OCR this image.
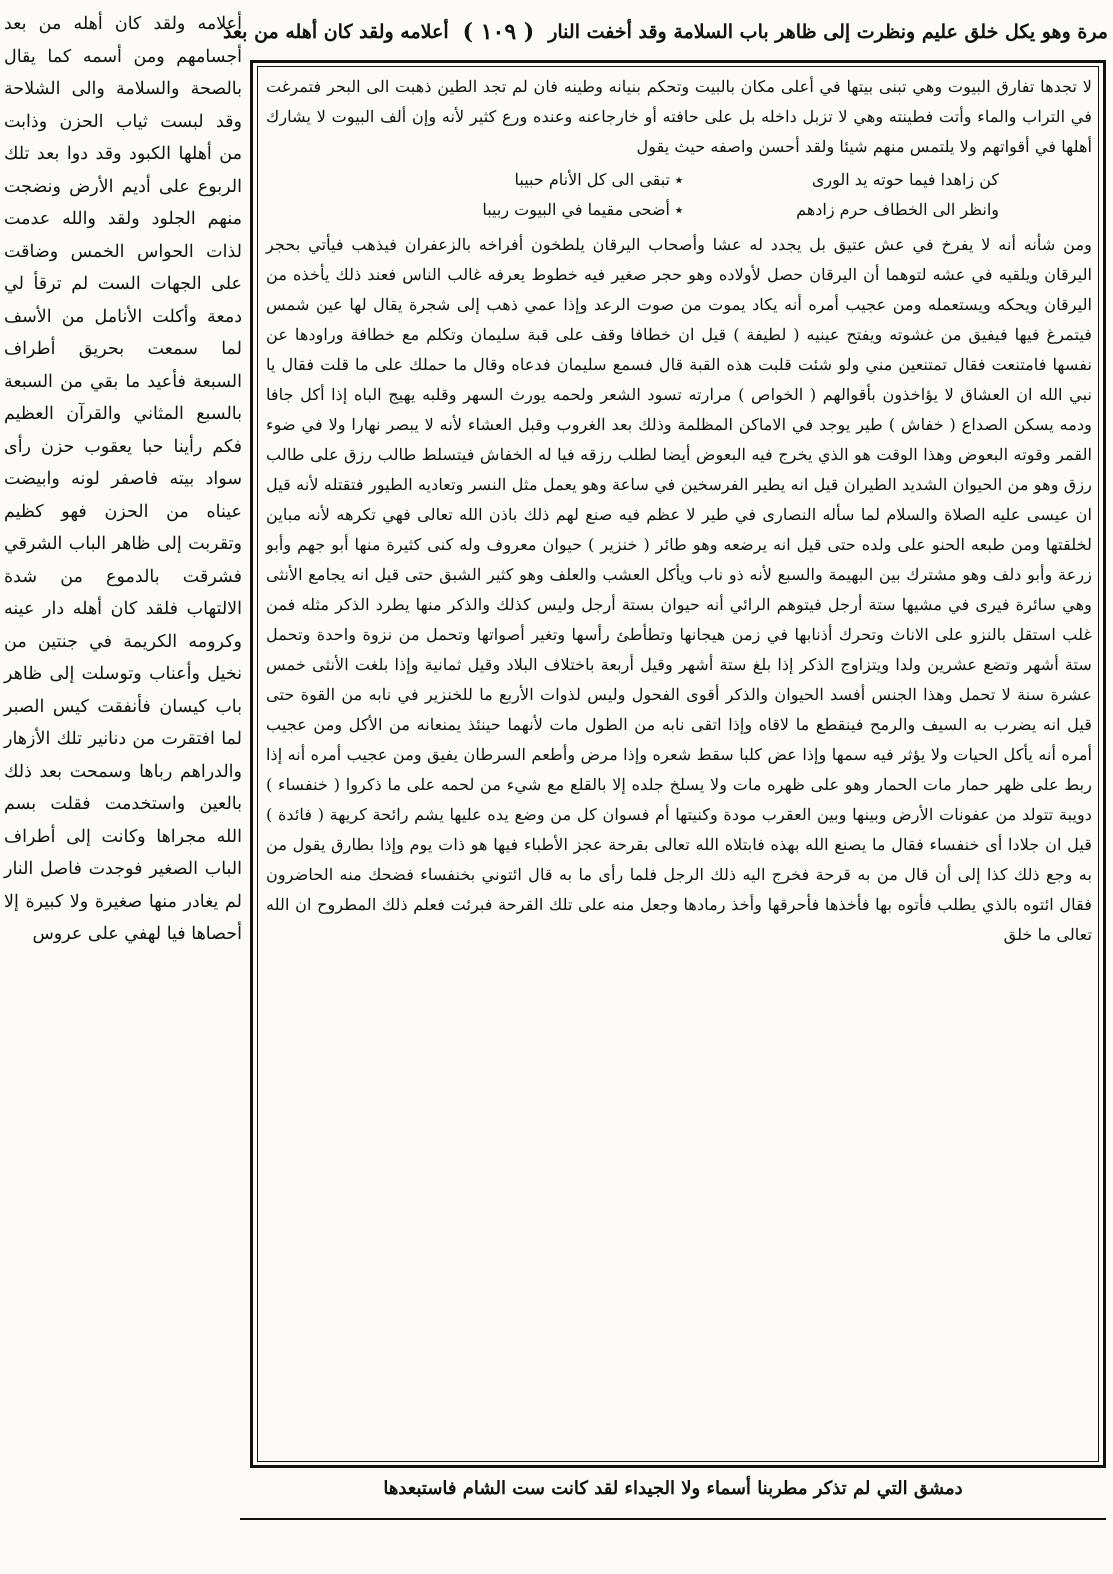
مرة وهو يكل خلق عليم ونظرت إلى ظاهر باب السلامة وقد أخفت النار
( ١٠٩ )
أعلامه ولقد كان أهله من بعد

لا تجدها تفارق البيوت وهي تبنى بيتها في أعلى مكان بالبيت وتحكم بنيانه وطينه فان لم تجد الطين ذهبت الى البحر فتمرغت في التراب والماء وأتت فطينته وهي لا تزبل داخله بل على حافته أو خارجاعنه وعنده ورع كثير لأنه وإن ألف البيوت لا يشارك أهلها في أقواتهم ولا يلتمس منهم شيئا ولقد أحسن واصفه حيث يقول

كن زاهدا فيما حوته يد الورى
٭
تبقى الى كل الأنام حبيبا
وانظر الى الخطاف حرم زادهم
٭
أضحى مقيما في البيوت ربيبا

ومن شأنه أنه لا يفرخ في عش عتيق بل يجدد له عشا وأصحاب اليرقان يلطخون أفراخه بالزعفران فيذهب فيأتي بحجر اليرقان ويلقيه في عشه لتوهما أن اليرقان حصل لأولاده وهو حجر صغير فيه خطوط يعرفه غالب الناس فعند ذلك يأخذه من اليرقان ويحكه ويستعمله ومن عجيب أمره أنه يكاد يموت من صوت الرعد وإذا عمي ذهب إلى شجرة يقال لها عين شمس فيتمرغ فيها فيفيق من غشوته ويفتح عينيه ( لطيفة ) قيل ان خطافا وقف على قبة سليمان وتكلم مع خطافة وراودها عن نفسها فامتنعت فقال تمتنعين مني ولو شئت قلبت هذه القبة قال فسمع سليمان فدعاه وقال ما حملك على ما قلت فقال يا نبي الله ان العشاق لا يؤاخذون بأقوالهم ( الخواص ) مرارته تسود الشعر ولحمه يورث السهر وقلبه يهيج الباه إذا أكل جافا ودمه يسكن الصداع ( خفاش ) طير يوجد في الاماكن المظلمة وذلك بعد الغروب وقبل العشاء لأنه لا يبصر نهارا ولا في ضوء القمر وقوته البعوض وهذا الوقت هو الذي يخرج فيه البعوض أيضا لطلب رزقه فيا له الخفاش فيتسلط طالب رزق على طالب رزق وهو من الحيوان الشديد الطيران قيل انه يطير الفرسخين في ساعة وهو يعمل مثل النسر وتعاديه الطيور فتقتله لأنه قيل ان عيسى عليه الصلاة والسلام لما سأله النصارى في طير لا عظم فيه صنع لهم ذلك باذن الله تعالى فهي تكرهه لأنه مباين لخلقتها ومن طبعه الحنو على ولده حتى قيل انه يرضعه وهو طائر ( خنزير ) حيوان معروف وله كنى كثيرة منها أبو جهم وأبو زرعة وأبو دلف وهو مشترك بين البهيمة والسبع لأنه ذو ناب ويأكل العشب والعلف وهو كثير الشبق حتى قيل انه يجامع الأنثى وهي سائرة فيرى في مشيها ستة أرجل فيتوهم الرائي أنه حيوان بستة أرجل وليس كذلك والذكر منها يطرد الذكر مثله فمن غلب استقل بالنزو على الاناث وتحرك أذنابها في زمن هيجانها وتطأطئ رأسها وتغير أصواتها وتحمل من نزوة واحدة وتحمل ستة أشهر وتضع عشرين ولدا ويتزاوج الذكر إذا بلغ ستة أشهر وقيل أربعة باختلاف البلاد وقيل ثمانية وإذا بلغت الأنثى خمس عشرة سنة لا تحمل وهذا الجنس أفسد الحيوان والذكر أقوى الفحول وليس لذوات الأربع ما للخنزير في نابه من القوة حتى قيل انه يضرب به السيف والرمح فينقطع ما لاقاه وإذا اتقى نابه من الطول مات لأنهما حينئذ يمنعانه من الأكل ومن عجيب أمره أنه يأكل الحيات ولا يؤثر فيه سمها وإذا عض كلبا سقط شعره وإذا مرض وأطعم السرطان يفيق ومن عجيب أمره أنه إذا ربط على ظهر حمار مات الحمار وهو على ظهره مات ولا يسلخ جلده إلا بالقلع مع شيء من لحمه على ما ذكروا ( خنفساء ) دويبة تتولد من عفونات الأرض وبينها وبين العقرب مودة وكنيتها أم فسوان كل من وضع يده عليها يشم رائحة كريهة ( فائدة ) قيل ان جلادا أى خنفساء فقال ما يصنع الله بهذه فابتلاه الله تعالى بقرحة عجز الأطباء فيها هو ذات يوم وإذا بطارق يقول من به وجع ذلك كذا إلى أن قال من به قرحة فخرج اليه ذلك الرجل فلما رأى ما به قال ائتوني بخنفساء فضحك منه الحاضرون فقال ائتوه بالذي يطلب فأتوه بها فأخذها فأحرقها وأخذ رمادها وجعل منه على تلك القرحة فبرئت فعلم ذلك المطروح ان الله تعالى ما خلق

أعلامه ولقد كان أهله من بعد أجسامهم ومن أسمه كما يقال بالصحة والسلامة والى الشلاحة وقد لبست ثياب الحزن وذابت من أهلها الكبود وقد دوا بعد تلك الربوع على أديم الأرض ونضجت منهم الجلود ولقد والله عدمت لذات الحواس الخمس وضاقت على الجهات الست لم ترقأ لي دمعة وأكلت الأنامل من الأسف لما سمعت بحريق أطراف السبعة فأعيد ما بقي من السبعة بالسبع المثاني والقرآن العظيم فكم رأينا حبا يعقوب حزن رأى سواد بيته فاصفر لونه وابيضت عيناه من الحزن فهو كظيم وتقربت إلى ظاهر الباب الشرقي فشرقت بالدموع من شدة الالتهاب فلقد كان أهله دار عينه وكرومه الكريمة في جنتين من نخيل وأعناب وتوسلت إلى ظاهر باب كيسان فأنفقت كيس الصبر لما افتقرت من دنانير تلك الأزهار والدراهم رباها وسمحت بعد ذلك بالعين واستخدمت فقلت بسم الله مجراها وكانت إلى أطراف الباب الصغير فوجدت فاصل النار لم يغادر منها صغيرة ولا كبيرة إلا أحصاها فيا لهفي على عروس

دمشق التي لم تذكر مطربنا أسماء ولا الجيداء لقد كانت ست الشام فاستبعدها
